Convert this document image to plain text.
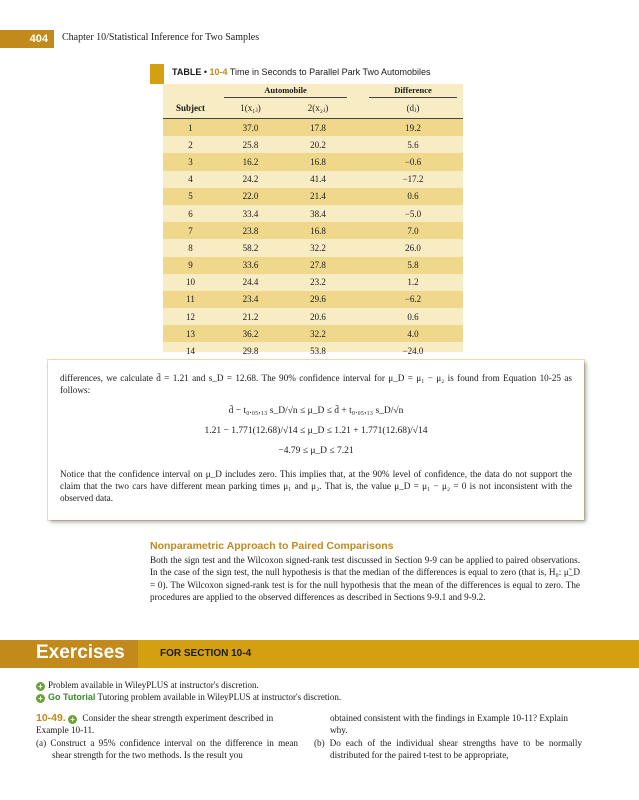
404	Chapter 10/Statistical Inference for Two Samples
TABLE • 10-4 Time in Seconds to Parallel Park Two Automobiles

	Automobile			Difference

Subject	1(x₁ⱼ)	2(x₂ⱼ)		(dⱼ)
1	37.0	17.8		19.2
2	25.8	20.2		5.6
3	16.2	16.8		−0.6
4	24.2	41.4		−17.2
5	22.0	21.4		0.6
6	33.4	38.4		−5.0
7	23.8	16.8		7.0
8	58.2	32.2		26.0
9	33.6	27.8		5.8
10	24.4	23.2		1.2
11	23.4	29.6		−6.2
12	21.2	20.6		0.6
13	36.2	32.2		4.0
14	29.8	53.8		−24.0
differences, we calculate d̄ = 1.21 and s_D = 12.68. The 90% confidence interval for μ_D = μ₁ − μ₂ is found from Equation 10-25 as follows:
d̄ − t₀.₀₅,₁₃ s_D/√n ≤ μ_D ≤ d̄ + t₀.₀₅,₁₃ s_D/√n
1.21 − 1.771(12.68)/√14 ≤ μ_D ≤ 1.21 + 1.771(12.68)/√14
−4.79 ≤ μ_D ≤ 7.21
Notice that the confidence interval on μ_D includes zero. This implies that, at the 90% level of confidence, the data do not support the claim that the two cars have different mean parking times μ₁ and μ₂. That is, the value μ_D = μ₁ − μ₂ = 0 is not inconsistent with the observed data.
Nonparametric Approach to Paired Comparisons
Both the sign test and the Wilcoxon signed-rank test discussed in Section 9-9 can be applied to paired observations. In the case of the sign test, the null hypothesis is that the median of the differences is equal to zero (that is, H₀: μ̃_D = 0). The Wilcoxon signed-rank test is for the null hypothesis that the mean of the differences is equal to zero. The procedures are applied to the observed differences as described in Sections 9-9.1 and 9-9.2.
Exercises	FOR SECTION 10-4
+ Problem available in WileyPLUS at instructor's discretion.
+ Go Tutorial Tutoring problem available in WileyPLUS at instructor's discretion.
10-49. + Consider the shear strength experiment described in Example 10-11.
(a) Construct a 95% confidence interval on the difference in mean shear strength for the two methods. Is the result you
obtained consistent with the findings in Example 10-11? Explain why.
(b) Do each of the individual shear strengths have to be normally distributed for the paired t-test to be appropriate,
